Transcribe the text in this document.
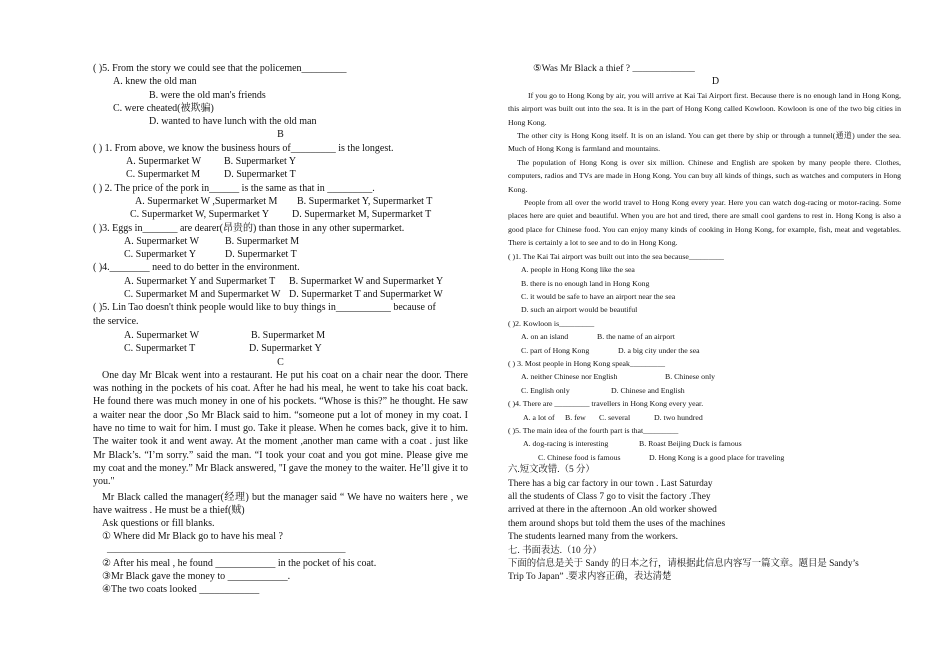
( )5. From the story we could see that the policemen_________
A. knew the old man
B. were the old man's friends
C. were cheated(被欺骗)
D. wanted to have lunch with the old man
B
( ) 1. From above, we know the business hours of_________ is the longest.
A. Supermarket W B. Supermarket Y
C. Supermarket M D. Supermarket T
( ) 2. The price of the pork in______ is the same as that in _________.
A. Supermarket W ,Supermarket M B. Supermarket Y, Supermarket T
C. Supermarket W, Supermarket Y D. Supermarket M, Supermarket T
( )3. Eggs in_______ are dearer(昂贵的) than those in any other supermarket.
A. Supermarket W	B. Supermarket M
C. Supermarket Y	D. Supermarket T
( )4.________ need to do better in the environment.
A. Supermarket Y and Supermarket T B. Supermarket W and Supermarket Y
C. Supermarket M and Supermarket W D. Supermarket T and Supermarket W
( )5. Lin Tao doesn't think people would like to buy things in___________ because of
the service.
A. Supermarket W	B. Supermarket M
C. Supermarket T	D. Supermarket Y
C
One day Mr Blcak went into a restaurant. He put his coat on a chair near the door. There was nothing in the pockets of his coat. After he had his meal, he went to take his coat back. He found there was much money in one of his pockets. “Whose is this?” he thought. He saw a waiter near the door ,So Mr Black said to him. “someone put a lot of money in my coat. I have no time to wait for him. I must go. Take it please. When he comes back, give it to him. The waiter took it and went away. At the moment ,another man came with a coat . just like Mr Black’s. “I’m sorry.” said the man. “I took your coat and you got mine. Please give me my coat and the money.” Mr Black answered, "I gave the money to the waiter. He’ll give it to you."
Mr Black called the manager(经理) but the manager said “ We have no waiters here , we have waitress . He must be a thief(贼)
Ask questions or fill blanks.
① Where did Mr Black go to have his meal ?
_____________________________________________________
② After his meal , he found ____________ in the pocket of his coat.
③Mr Black gave the money to ____________.
④The two coats looked ____________
⑤Was Mr Black a thief ? _____________
D
If you go to Hong Kong by air, you will arrive at Kai Tai Airport first. Because there is no enough land in Hong Kong, this airport was built out into the sea. It is in the part of Hong Kong called Kowloon. Kowloon is one of the two big cities in Hong Kong.
The other city is Hong Kong itself. It is on an island. You can get there by ship or through a tunnel(通道) under the sea. Much of Hong Kong is farmland and mountains.
The population of Hong Kong is over six million. Chinese and English are spoken by many people there. Clothes, computers, radios and TVs are made in Hong Kong. You can buy all kinds of things, such as watches and computers in Hong Kong.
People from all over the world travel to Hong Kong every year. Here you can watch dog-racing or motor-racing. Some places here are quiet and beautiful. When you are hot and tired, there are small cool gardens to rest in. Hong Kong is also a good place for Chinese food. You can enjoy many kinds of cooking in Hong Kong, for example, fish, meat and vegetables. There is certainly a lot to see and to do in Hong Kong.
( )1. The Kai Tai airport was built out into the sea because_________
A. people in Hong Kong like the sea
B. there is no enough land in Hong Kong
C. it would be safe to have an airport near the sea
D. such an airport would be beautiful
( )2. Kowloon is_________
A. on an island	B. the name of an airport
C. part of Hong Kong	D. a big city under the sea
( ) 3. Most people in Hong Kong speak_________
A. neither Chinese nor English	B. Chinese only
C. English only	D. Chinese and English
( )4. There are _________ travellers in Hong Kong every year.
A. a lot of B. few C. several	D. two hundred
( )5. The main idea of the fourth part is that_________
A. dog-racing is interesting	B. Roast Beijing Duck is famous
C. Chinese food is famous	D. Hong Kong is a good place for traveling
六.短文改错.（5 分）
There has a big car factory in our town . Last Saturday
all the students of Class 7 go to visit the factory .They
arrived at there in the afternoon .An old worker showed
them around shops but told them the uses of the machines
The students learned many from the workers.
七. 书面表达.（10 分）
下面的信息是关于 Sandy 的日本之行，请根据此信息内容写一篇文章。题目是 Sandy’s
Trip To Japan” .要求内容正确，表达清楚
